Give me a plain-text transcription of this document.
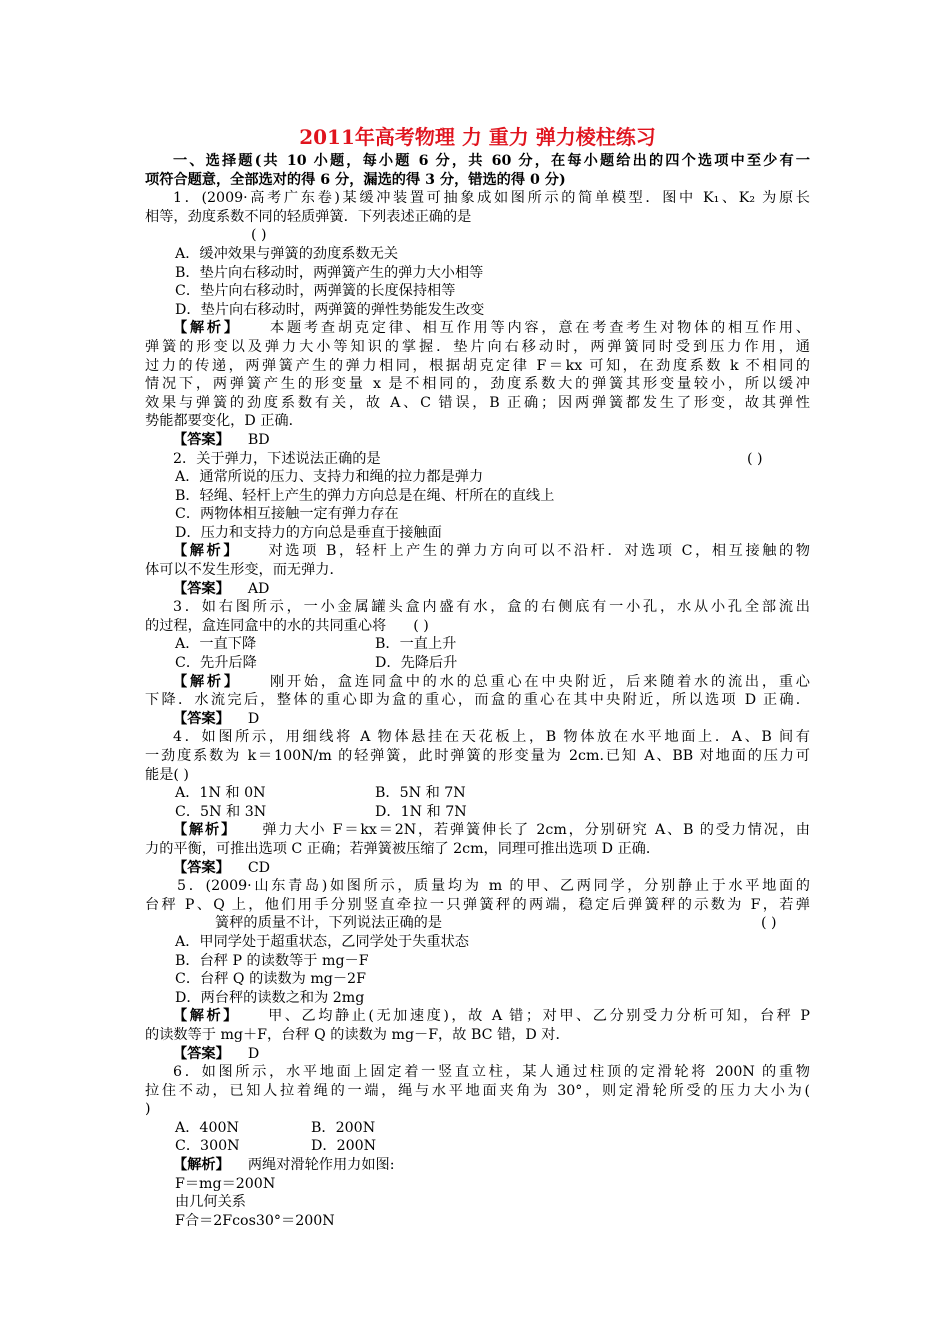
2011年高考物理 力 重力 弹力棱柱练习

一、选择题(共 10 小题，每小题 6 分，共 60 分，在每小题给出的四个选项中至少有一

项符合题意，全部选对的得 6 分，漏选的得 3 分，错选的得 0 分)

1．(2009·高考广东卷)某缓冲装置可抽象成如图所示的简单模型．图中 K₁、K₂ 为原长

相等，劲度系数不同的轻质弹簧．下列表述正确的是

( )

A．缓冲效果与弹簧的劲度系数无关

B．垫片向右移动时，两弹簧产生的弹力大小相等

C．垫片向右移动时，两弹簧的长度保持相等

D．垫片向右移动时，两弹簧的弹性势能发生改变

【解析】 本题考查胡克定律、相互作用等内容，意在考查考生对物体的相互作用、

弹簧的形变以及弹力大小等知识的掌握．垫片向右移动时，两弹簧同时受到压力作用，通

过力的传递，两弹簧产生的弹力相同，根据胡克定律 F＝kx 可知，在劲度系数 k 不相同的

情况下，两弹簧产生的形变量 x 是不相同的，劲度系数大的弹簧其形变量较小，所以缓冲

效果与弹簧的劲度系数有关，故 A、C 错误，B 正确；因两弹簧都发生了形变，故其弹性

势能都要变化，D 正确．

【答案】 BD

2．关于弹力，下述说法正确的是	( )

A．通常所说的压力、支持力和绳的拉力都是弹力

B．轻绳、轻杆上产生的弹力方向总是在绳、杆所在的直线上

C．两物体相互接触一定有弹力存在

D．压力和支持力的方向总是垂直于接触面

【解析】 对选项 B，轻杆上产生的弹力方向可以不沿杆．对选项 C，相互接触的物

体可以不发生形变，而无弹力．

【答案】 AD

3．如右图所示，一小金属罐头盒内盛有水，盒的右侧底有一小孔，水从小孔全部流出

的过程，盒连同盒中的水的共同重心将 ( )

A．一直下降	B．一直上升

C．先升后降	D．先降后升

【解析】 刚开始，盒连同盒中的水的总重心在中央附近，后来随着水的流出，重心

下降．水流完后，整体的重心即为盒的重心，而盒的重心在其中央附近，所以选项 D 正确．

【答案】 D

4．如图所示，用细线将 A 物体悬挂在天花板上，B 物体放在水平地面上．A、B 间有

一劲度系数为 k＝100N/m 的轻弹簧，此时弹簧的形变量为 2cm.已知 A、BB 对地面的压力可

能是( )

A．1N 和 0N	B．5N 和 7N

C．5N 和 3N	D．1N 和 7N

【解析】 弹力大小 F＝kx＝2N，若弹簧伸长了 2cm，分别研究 A、B 的受力情况，由

力的平衡，可推出选项 C 正确；若弹簧被压缩了 2cm，同理可推出选项 D 正确．

【答案】 CD

5．(2009·山东青岛)如图所示，质量均为 m 的甲、乙两同学，分别静止于水平地面的

台秤 P、Q 上，他们用手分别竖直牵拉一只弹簧秤的两端，稳定后弹簧秤的示数为 F，若弹

簧秤的质量不计，下列说法正确的是	( )

A．甲同学处于超重状态，乙同学处于失重状态

B．台秤 P 的读数等于 mg－F

C．台秤 Q 的读数为 mg－2F

D．两台秤的读数之和为 2mg

【解析】 甲、乙均静止(无加速度)，故 A 错；对甲、乙分别受力分析可知，台秤 P

的读数等于 mg＋F，台秤 Q 的读数为 mg－F，故 BC 错，D 对．

【答案】 D

6．如图所示，水平地面上固定着一竖直立柱，某人通过柱顶的定滑轮将 200N 的重物

拉住不动，已知人拉着绳的一端，绳与水平地面夹角为 30°，则定滑轮所受的压力大小为(

)

A．400N	B．200N

C．300N	D．200N

【解析】 两绳对滑轮作用力如图:

F＝mg＝200N

由几何关系

F合＝2Fcos30°＝200N
